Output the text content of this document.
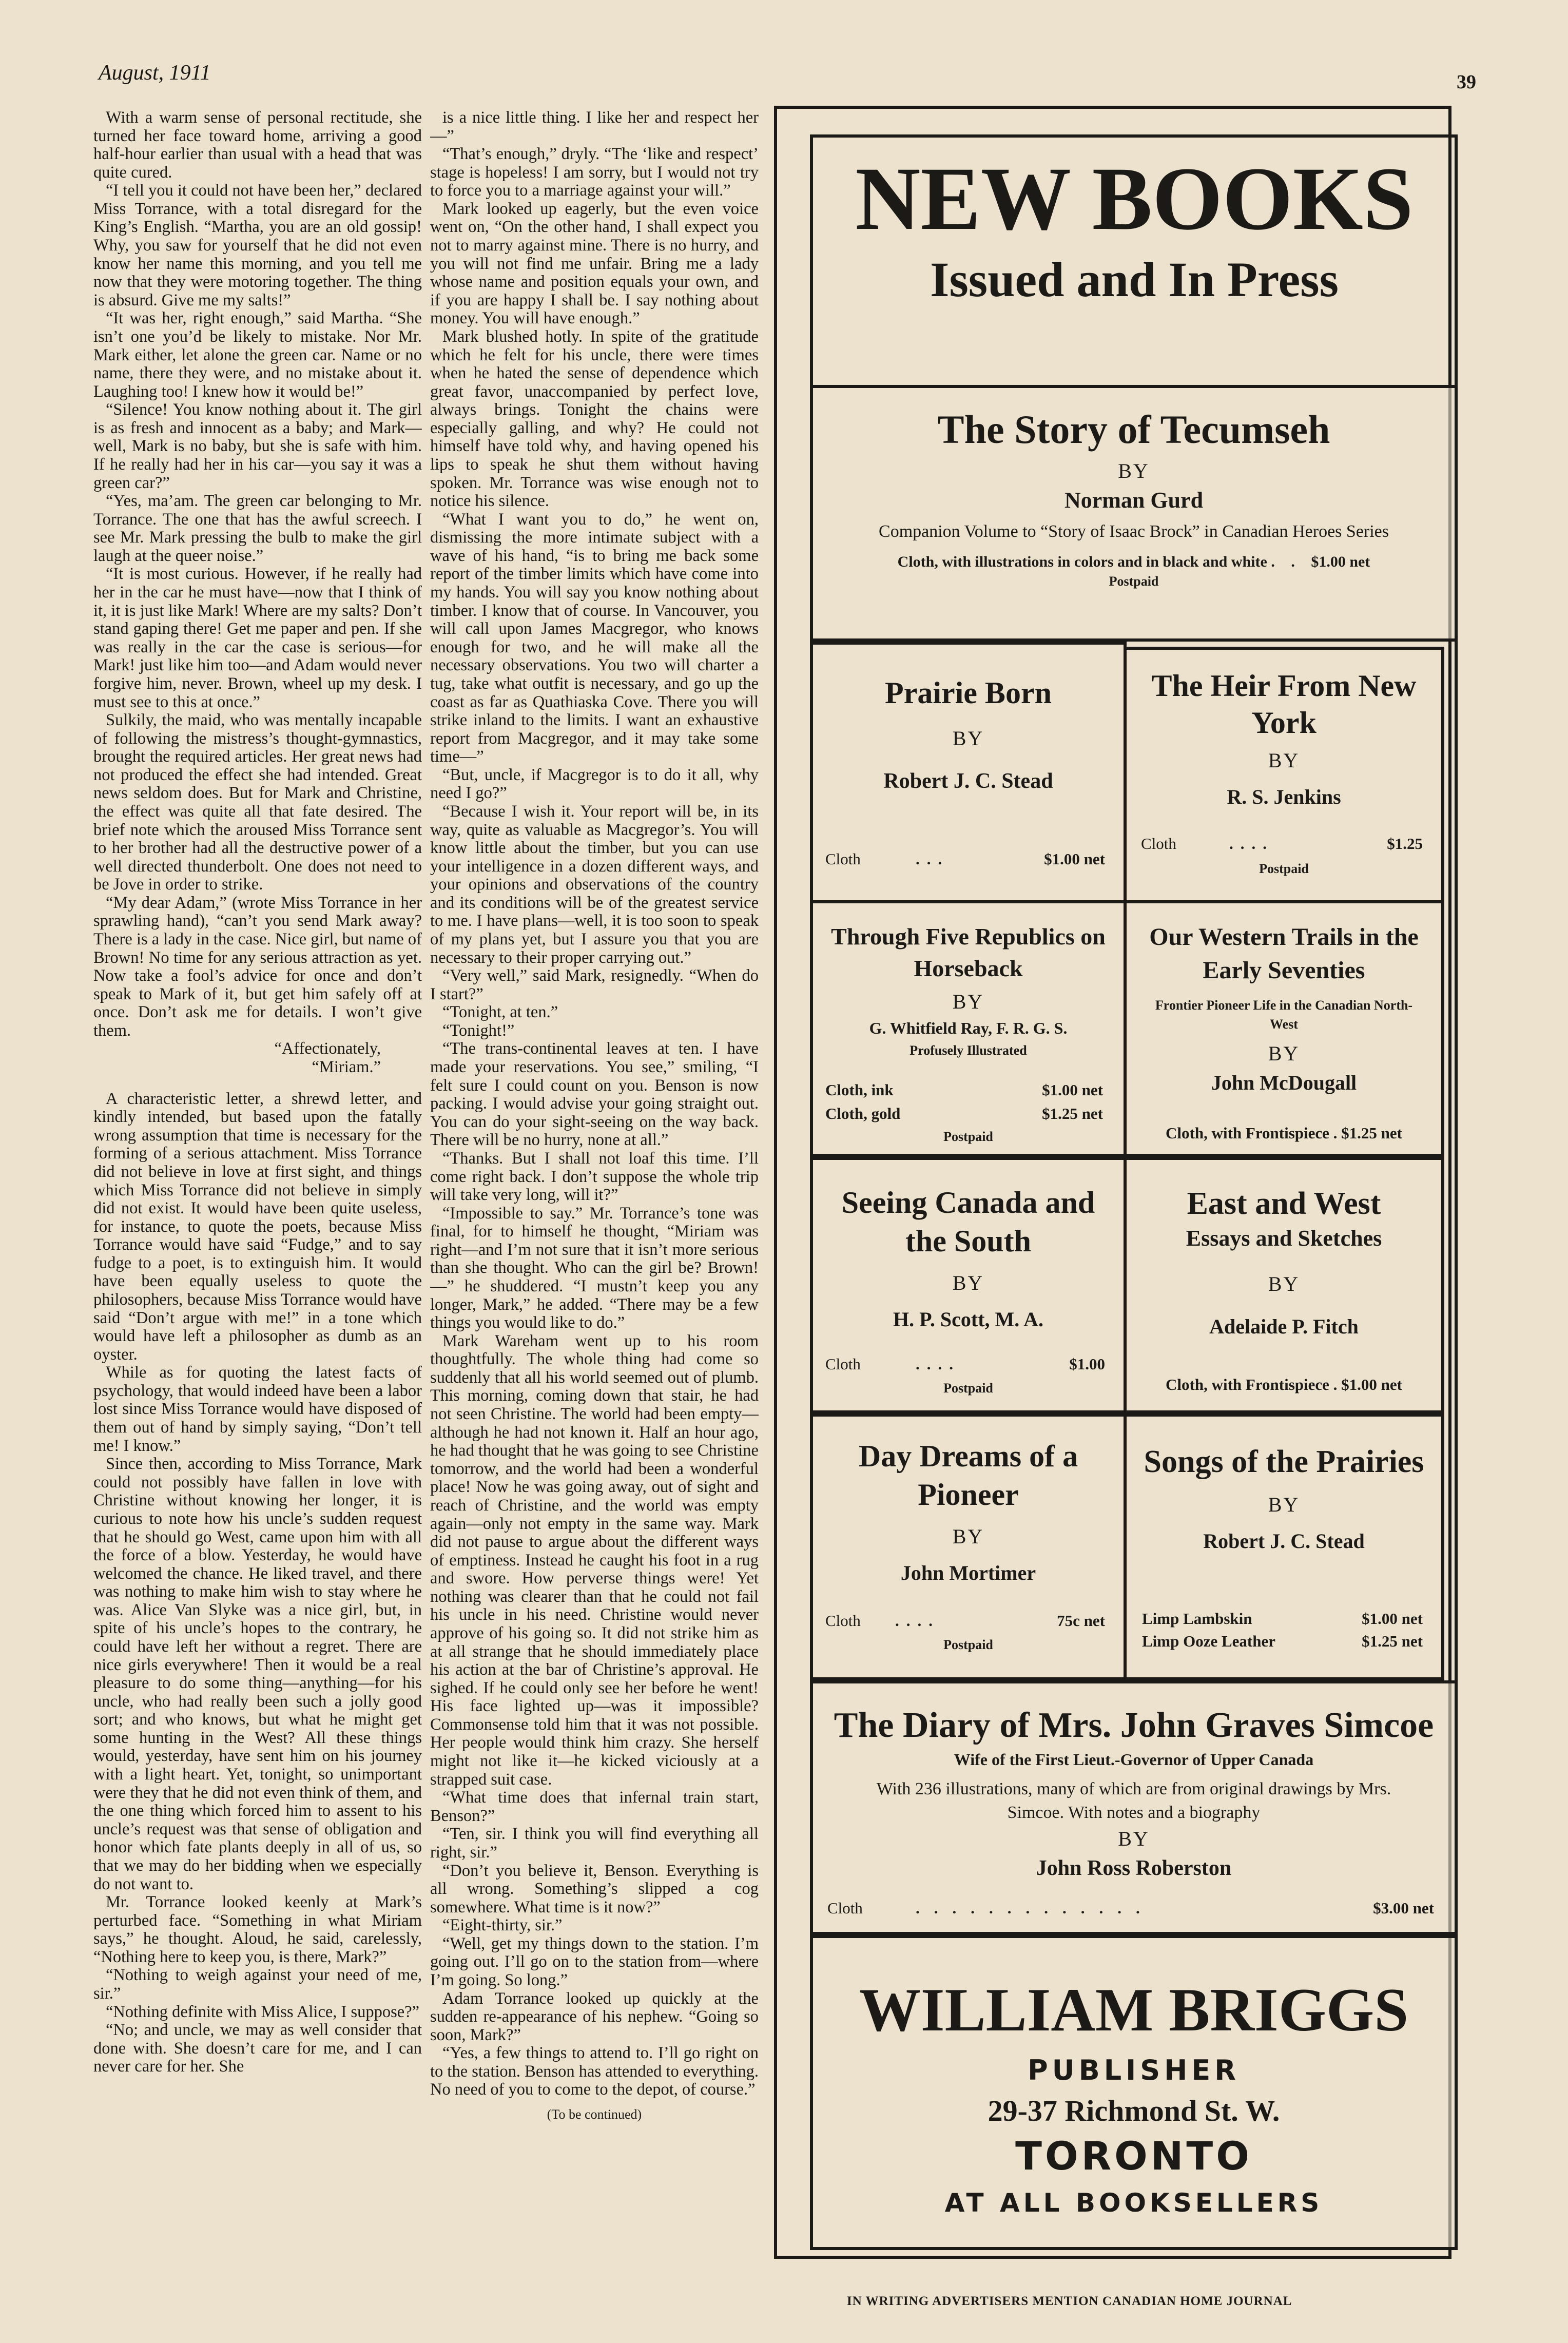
August, 1911	39

With a warm sense of personal rectitude, she turned her face toward home, arriving a good half-hour earlier than usual with a head that was quite cured.

“I tell you it could not have been her,” declared Miss Torrance, with a total disregard for the King’s English. “Martha, you are an old gossip! Why, you saw for yourself that he did not even know her name this morning, and you tell me now that they were motoring together. The thing is absurd. Give me my salts!”

“It was her, right enough,” said Martha. “She isn’t one you’d be likely to mistake. Nor Mr. Mark either, let alone the green car. Name or no name, there they were, and no mistake about it. Laughing too! I knew how it would be!”

“Silence! You know nothing about it. The girl is as fresh and innocent as a baby; and Mark—well, Mark is no baby, but she is safe with him. If he really had her in his car—you say it was a green car?”

“Yes, ma’am. The green car belonging to Mr. Torrance. The one that has the awful screech. I see Mr. Mark pressing the bulb to make the girl laugh at the queer noise.”

“It is most curious. However, if he really had her in the car he must have—now that I think of it, it is just like Mark! Where are my salts? Don’t stand gaping there! Get me paper and pen. If she was really in the car the case is serious—for Mark! just like him too—and Adam would never forgive him, never. Brown, wheel up my desk. I must see to this at once.”

Sulkily, the maid, who was mentally incapable of following the mistress’s thought-gymnastics, brought the required articles. Her great news had not produced the effect she had intended. Great news seldom does. But for Mark and Christine, the effect was quite all that fate desired. The brief note which the aroused Miss Torrance sent to her brother had all the destructive power of a well directed thunderbolt. One does not need to be Jove in order to strike.

“My dear Adam,” (wrote Miss Torrance in her sprawling hand), “can’t you send Mark away? There is a lady in the case. Nice girl, but name of Brown! No time for any serious attraction as yet. Now take a fool’s advice for once and don’t speak to Mark of it, but get him safely off at once. Don’t ask me for details. I won’t give them.

“Affectionately,

“Miriam.”

A characteristic letter, a shrewd letter, and kindly intended, but based upon the fatally wrong assumption that time is necessary for the forming of a serious attachment. Miss Torrance did not believe in love at first sight, and things which Miss Torrance did not believe in simply did not exist. It would have been quite useless, for instance, to quote the poets, because Miss Torrance would have said “Fudge,” and to say fudge to a poet, is to extinguish him. It would have been equally useless to quote the philosophers, because Miss Torrance would have said “Don’t argue with me!” in a tone which would have left a philosopher as dumb as an oyster.

While as for quoting the latest facts of psychology, that would indeed have been a labor lost since Miss Torrance would have disposed of them out of hand by simply saying, “Don’t tell me! I know.”

Since then, according to Miss Torrance, Mark could not possibly have fallen in love with Christine without knowing her longer, it is curious to note how his uncle’s sudden request that he should go West, came upon him with all the force of a blow. Yesterday, he would have welcomed the chance. He liked travel, and there was nothing to make him wish to stay where he was. Alice Van Slyke was a nice girl, but, in spite of his uncle’s hopes to the contrary, he could have left her without a regret. There are nice girls everywhere! Then it would be a real pleasure to do some thing—anything—for his uncle, who had really been such a jolly good sort; and who knows, but what he might get some hunting in the West? All these things would, yesterday, have sent him on his journey with a light heart. Yet, tonight, so unimportant were they that he did not even think of them, and the one thing which forced him to assent to his uncle’s request was that sense of obligation and honor which fate plants deeply in all of us, so that we may do her bidding when we especially do not want to.

Mr. Torrance looked keenly at Mark’s perturbed face. “Something in what Miriam says,” he thought. Aloud, he said, carelessly, “Nothing here to keep you, is there, Mark?”

“Nothing to weigh against your need of me, sir.”

“Nothing definite with Miss Alice, I suppose?”

“No; and uncle, we may as well consider that done with. She doesn’t care for me, and I can never care for her. She

is a nice little thing. I like her and respect her—”

“That’s enough,” dryly. “The ‘like and respect’ stage is hopeless! I am sorry, but I would not try to force you to a marriage against your will.”

Mark looked up eagerly, but the even voice went on, “On the other hand, I shall expect you not to marry against mine. There is no hurry, and you will not find me unfair. Bring me a lady whose name and position equals your own, and if you are happy I shall be. I say nothing about money. You will have enough.”

Mark blushed hotly. In spite of the gratitude which he felt for his uncle, there were times when he hated the sense of dependence which great favor, unaccompanied by perfect love, always brings. Tonight the chains were especially galling, and why? He could not himself have told why, and having opened his lips to speak he shut them without having spoken. Mr. Torrance was wise enough not to notice his silence.

“What I want you to do,” he went on, dismissing the more intimate subject with a wave of his hand, “is to bring me back some report of the timber limits which have come into my hands. You will say you know nothing about timber. I know that of course. In Vancouver, you will call upon James Macgregor, who knows enough for two, and he will make all the necessary observations. You two will charter a tug, take what outfit is necessary, and go up the coast as far as Quathiaska Cove. There you will strike inland to the limits. I want an exhaustive report from Macgregor, and it may take some time—”

“But, uncle, if Macgregor is to do it all, why need I go?”

“Because I wish it. Your report will be, in its way, quite as valuable as Macgregor’s. You will know little about the timber, but you can use your intelligence in a dozen different ways, and your opinions and observations of the country and its conditions will be of the greatest service to me. I have plans—well, it is too soon to speak of my plans yet, but I assure you that you are necessary to their proper carrying out.”

“Very well,” said Mark, resignedly. “When do I start?”

“Tonight, at ten.”

“Tonight!”

“The trans-continental leaves at ten. I have made your reservations. You see,” smiling, “I felt sure I could count on you. Benson is now packing. I would advise your going straight out. You can do your sight-seeing on the way back. There will be no hurry, none at all.”

“Thanks. But I shall not loaf this time. I’ll come right back. I don’t suppose the whole trip will take very long, will it?”

“Impossible to say.” Mr. Torrance’s tone was final, for to himself he thought, “Miriam was right—and I’m not sure that it isn’t more serious than she thought. Who can the girl be? Brown!—” he shuddered. “I mustn’t keep you any longer, Mark,” he added. “There may be a few things you would like to do.”

Mark Wareham went up to his room thoughtfully. The whole thing had come so suddenly that all his world seemed out of plumb. This morning, coming down that stair, he had not seen Christine. The world had been empty—although he had not known it. Half an hour ago, he had thought that he was going to see Christine tomorrow, and the world had been a wonderful place! Now he was going away, out of sight and reach of Christine, and the world was empty again—only not empty in the same way. Mark did not pause to argue about the different ways of emptiness. Instead he caught his foot in a rug and swore. How perverse things were! Yet nothing was clearer than that he could not fail his uncle in his need. Christine would never approve of his going so. It did not strike him as at all strange that he should immediately place his action at the bar of Christine’s approval. He sighed. If he could only see her before he went! His face lighted up—was it impossible? Commonsense told him that it was not possible. Her people would think him crazy. She herself might not like it—he kicked viciously at a strapped suit case.

“What time does that infernal train start, Benson?”

“Ten, sir. I think you will find everything all right, sir.”

“Don’t you believe it, Benson. Everything is all wrong. Something’s slipped a cog somewhere. What time is it now?”

“Eight-thirty, sir.”

“Well, get my things down to the station. I’m going out. I’ll go on to the station from—where I’m going. So long.”

Adam Torrance looked up quickly at the sudden re-appearance of his nephew. “Going so soon, Mark?”

“Yes, a few things to attend to. I’ll go right on to the station. Benson has attended to everything. No need of you to come to the depot, of course.”

(To be continued)

NEW BOOKS
Issued and In Press
The Story of Tecumseh
BY
Norman Gurd
Companion Volume to “Story of Isaac Brock” in Canadian Heroes Series
Cloth, with illustrations in colors and in black and white . . $1.00 net
Postpaid
Prairie Born
BY
Robert J. C. Stead
Cloth	...	$1.00 net
The Heir From New York
BY
R. S. Jenkins
Cloth	....	$1.25
Postpaid
Through Five Republics on Horseback
BY
G. Whitfield Ray, F. R. G. S.
Profusely Illustrated
Cloth, ink	$1.00 net
Cloth, gold	$1.25 net
Postpaid
Our Western Trails in the Early Seventies
Frontier Pioneer Life in the Canadian North-West
BY
John McDougall
Cloth, with Frontispiece . $1.25 net
Seeing Canada and the South
BY
H. P. Scott, M. A.
Cloth	....	$1.00
Postpaid
East and West
Essays and Sketches
BY
Adelaide P. Fitch
Cloth, with Frontispiece . $1.00 net
Day Dreams of a Pioneer
BY
John Mortimer
Cloth ....	75c net
Postpaid
Songs of the Prairies
BY
Robert J. C. Stead
Limp Lambskin	$1.00 net
Limp Ooze Leather	$1.25 net
The Diary of Mrs. John Graves Simcoe
Wife of the First Lieut.-Governor of Upper Canada
With 236 illustrations, many of which are from original drawings by Mrs. Simcoe. With notes and a biography
BY
John Ross Roberston
Cloth	.............	$3.00 net
WILLIAM BRIGGS
PUBLISHER
29-37 Richmond St. W.
TORONTO
AT ALL BOOKSELLERS
IN WRITING ADVERTISERS MENTION CANADIAN HOME JOURNAL
